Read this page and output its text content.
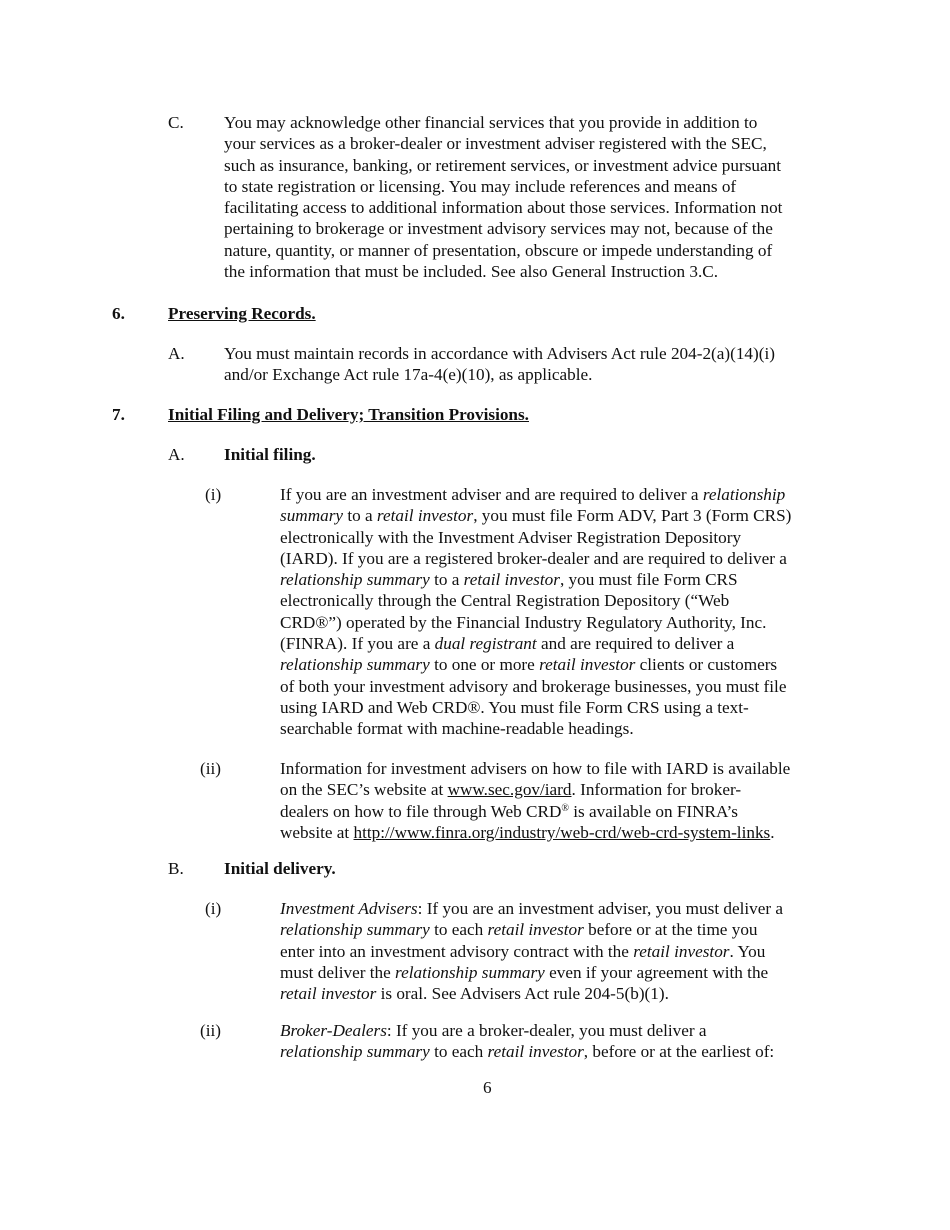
C. You may acknowledge other financial services that you provide in addition to
your services as a broker-dealer or investment adviser registered with the SEC,
such as insurance, banking, or retirement services, or investment advice pursuant
to state registration or licensing. You may include references and means of
facilitating access to additional information about those services. Information not
pertaining to brokerage or investment advisory services may not, because of the
nature, quantity, or manner of presentation, obscure or impede understanding of
the information that must be included. See also General Instruction 3.C.
6.	Preserving Records.
A. You must maintain records in accordance with Advisers Act rule 204-2(a)(14)(i)
and/or Exchange Act rule 17a-4(e)(10), as applicable.
7.	Initial Filing and Delivery; Transition Provisions.
A. Initial filing.
(i)	If you are an investment adviser and are required to deliver a relationship
summary to a retail investor, you must file Form ADV, Part 3 (Form CRS)
electronically with the Investment Adviser Registration Depository
(IARD). If you are a registered broker-dealer and are required to deliver a
relationship summary to a retail investor, you must file Form CRS
electronically through the Central Registration Depository (“Web
CRD®”) operated by the Financial Industry Regulatory Authority, Inc.
(FINRA). If you are a dual registrant and are required to deliver a
relationship summary to one or more retail investor clients or customers
of both your investment advisory and brokerage businesses, you must file
using IARD and Web CRD®. You must file Form CRS using a text-
searchable format with machine-readable headings.
(ii)	Information for investment advisers on how to file with IARD is available
on the SEC’s website at www.sec.gov/iard. Information for broker-
dealers on how to file through Web CRD® is available on FINRA’s
website at http://www.finra.org/industry/web-crd/web-crd-system-links.
B. Initial delivery.
(i)	Investment Advisers: If you are an investment adviser, you must deliver a
relationship summary to each retail investor before or at the time you
enter into an investment advisory contract with the retail investor. You
must deliver the relationship summary even if your agreement with the
retail investor is oral. See Advisers Act rule 204-5(b)(1).
(ii)	Broker-Dealers: If you are a broker-dealer, you must deliver a
relationship summary to each retail investor, before or at the earliest of:
6
